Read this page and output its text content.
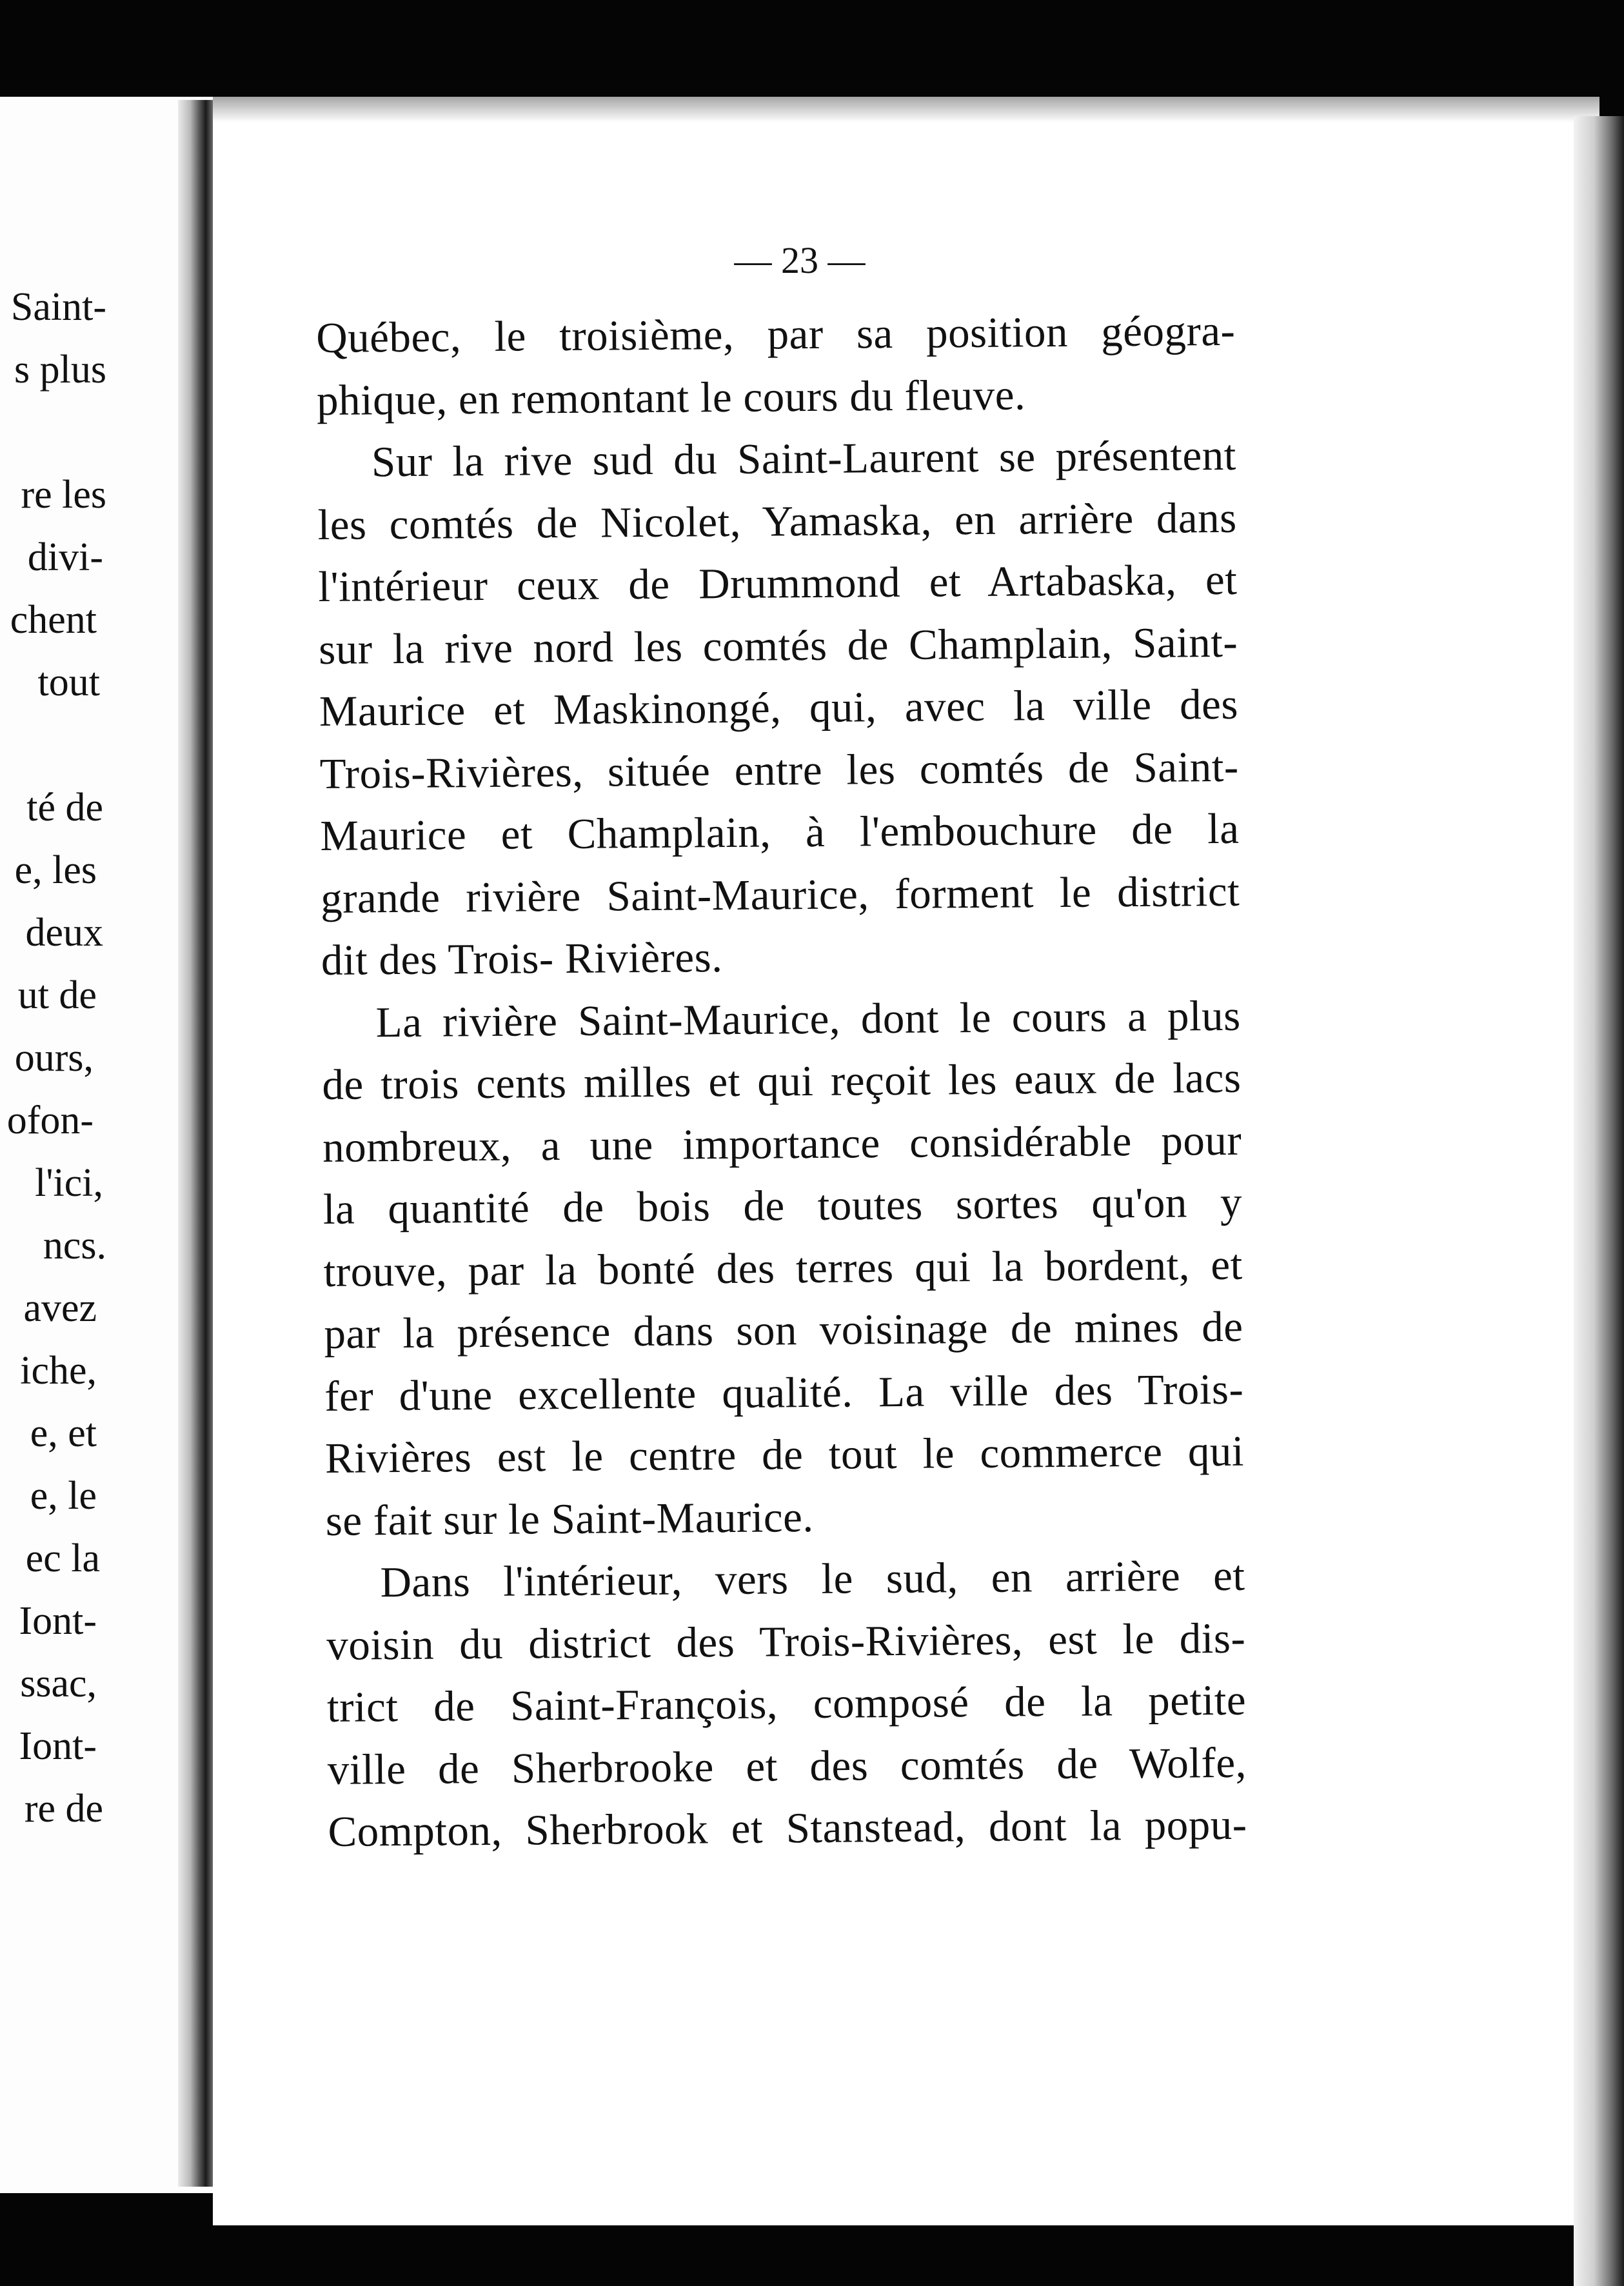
Saint-
s plus
re les
divi-
chent
tout
té de
e, les
deux
ut de
ours,
ofon-
l'ici,
ncs.
avez
iche,
e, et
e, le
ec la
Iont-
ssac,
Iont-
re de
— 23 —
Québec, le troisième, par sa position géogra-
phique, en remontant le cours du fleuve.
Sur la rive sud du Saint-Laurent se présentent
les comtés de Nicolet, Yamaska, en arrière dans
l'intérieur ceux de Drummond et Artabaska, et
sur la rive nord les comtés de Champlain, Saint-
Maurice et Maskinongé, qui, avec la ville des
Trois-Rivières, située entre les comtés de Saint-
Maurice et Champlain, à l'embouchure de la
grande rivière Saint-Maurice, forment le district
dit des Trois- Rivières.
La rivière Saint-Maurice, dont le cours a plus
de trois cents milles et qui reçoit les eaux de lacs
nombreux, a une importance considérable pour
la quantité de bois de toutes sortes qu'on y
trouve, par la bonté des terres qui la bordent, et
par la présence dans son voisinage de mines de
fer d'une excellente qualité. La ville des Trois-
Rivières est le centre de tout le commerce qui
se fait sur le Saint-Maurice.
Dans l'intérieur, vers le sud, en arrière et
voisin du district des Trois-Rivières, est le dis-
trict de Saint-François, composé de la petite
ville de Sherbrooke et des comtés de Wolfe,
Compton, Sherbrook et Stanstead, dont la popu-
